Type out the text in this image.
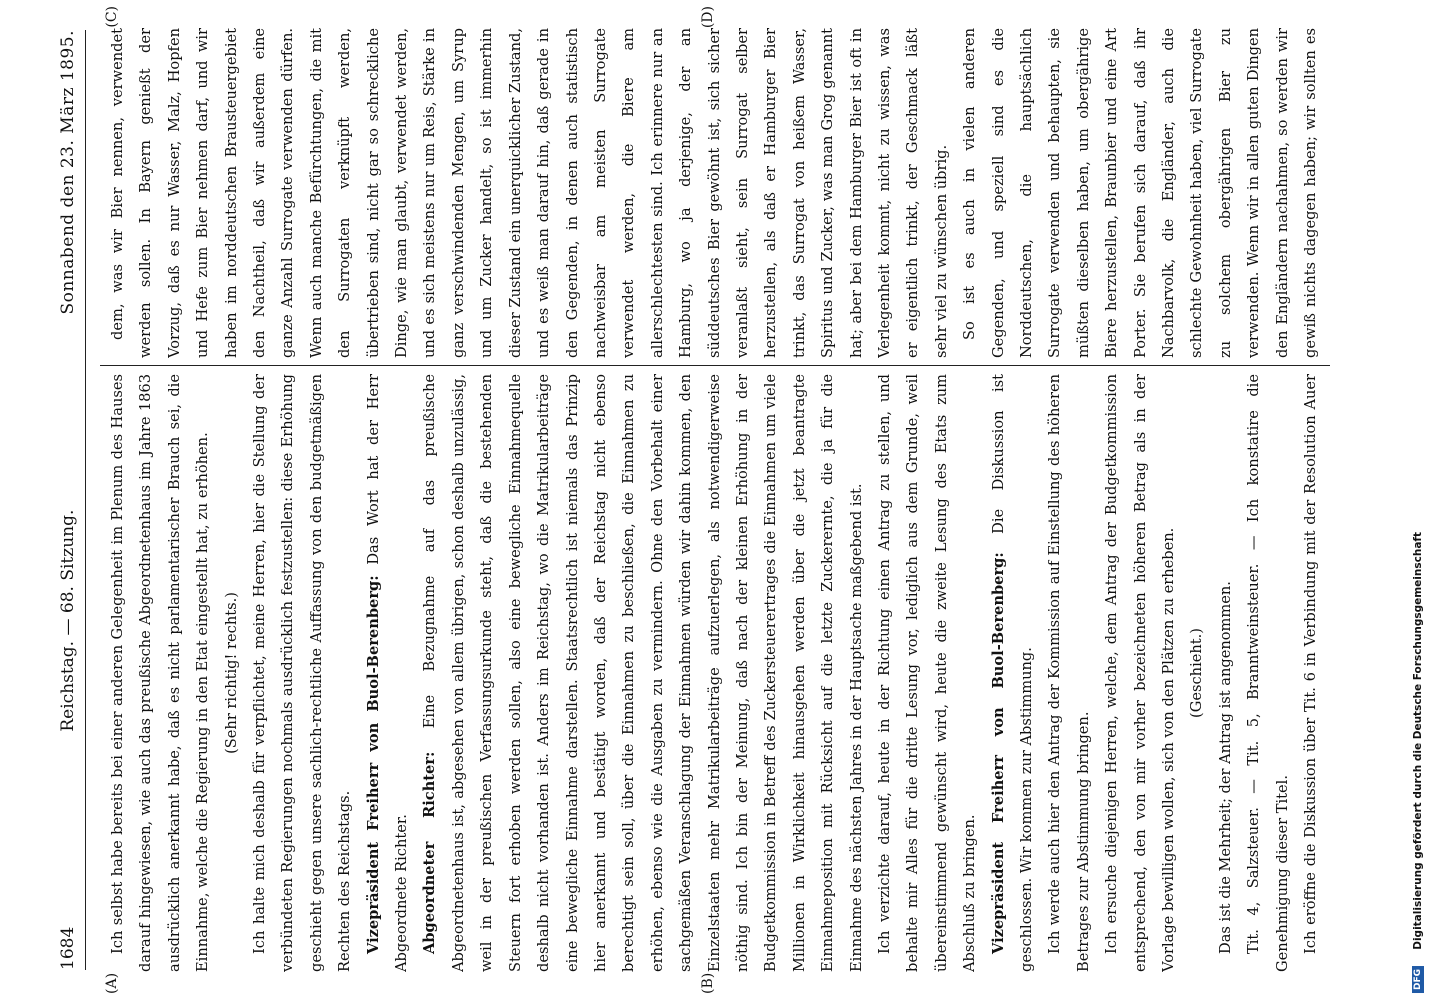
1684
Reichstag. — 68. Sitzung.
Sonnabend den 23. März 1895.
(A)	(B)
(C)	(D)

Ich selbst habe bereits bei einer anderen Gelegenheit im Plenum des Hauses darauf hingewiesen, wie auch das preußische Abgeordnetenhaus im Jahre 1863 ausdrücklich anerkannt habe, daß es nicht parlamentarischer Brauch sei, die Einnahme, welche die Regierung in den Etat eingestellt hat, zu erhöhen. (Sehr richtig! rechts.) Ich halte mich deshalb für verpflichtet, meine Herren, hier die Stellung der verbündeten Regierungen nochmals ausdrücklich festzustellen: diese Erhöhung geschieht gegen unsere sachlich-rechtliche Auffassung von den budgetmäßigen Rechten des Reichstags. Vizepräsident Freiherr von Buol-Berenberg: Das Wort hat der Herr Abgeordnete Richter. Abgeordneter Richter: Eine Bezugnahme auf das preußische Abgeordnetenhaus ist, abgesehen von allem übrigen, schon deshalb unzulässig, weil in der preußischen Verfassungsurkunde steht, daß die bestehenden Steuern fort erhoben werden sollen, also eine bewegliche Einnahmequelle deshalb nicht vorhanden ist. Anders im Reichstag, wo die Matrikularbeiträge eine bewegliche Einnahme darstellen. Staatsrechtlich ist niemals das Prinzip hier anerkannt und bestätigt worden, daß der Reichstag nicht ebenso berechtigt sein soll, über die Einnahmen zu beschließen, die Einnahmen zu erhöhen, ebenso wie die Ausgaben zu vermindern. Ohne den Vorbehalt einer sachgemäßen Veranschlagung der Einnahmen würden wir dahin kommen, den Einzelstaaten mehr Matrikularbeiträge aufzuerlegen, als notwendigerweise nöthig sind. Ich bin der Meinung, daß nach der kleinen Erhöhung in der Budgetkommission in Betreff des Zuckersteuerertrages die Einnahmen um viele Millionen in Wirklichkeit hinausgehen werden über die jetzt beantragte Einnahmeposition mit Rücksicht auf die letzte Zuckerernte, die ja für die Einnahme des nächsten Jahres in der Hauptsache maßgebend ist. Ich verzichte darauf, heute in der Richtung einen Antrag zu stellen, und behalte mir Alles für die dritte Lesung vor, lediglich aus dem Grunde, weil übereinstimmend gewünscht wird, heute die zweite Lesung des Etats zum Abschluß zu bringen. Vizepräsident Freiherr von Buol-Berenberg: Die Diskussion ist geschlossen. Wir kommen zur Abstimmung. Ich werde auch hier den Antrag der Kommission auf Einstellung des höheren Betrages zur Abstimmung bringen. Ich ersuche diejenigen Herren, welche, dem Antrag der Budgetkommission entsprechend, den von mir vorher bezeichneten höheren Betrag als in der Vorlage bewilligen wollen, sich von den Plätzen zu erheben. (Geschieht.) Das ist die Mehrheit; der Antrag ist angenommen. Tit. 4, Salzsteuer. — Tit. 5, Branntweinsteuer. — Ich konstatire die Genehmigung dieser Titel. Ich eröffne die Diskussion über Tit. 6 in Verbindung mit der Resolution Auer

dem, was wir Bier nennen, verwendet werden sollen. In Bayern genießt der Vorzug, daß es nur Wasser, Malz, Hopfen und Hefe zum Bier nehmen darf, und wir haben im norddeutschen Brausteuergebiet den Nachtheil, daß wir außerdem eine ganze Anzahl Surrogate verwenden dürfen. Wenn auch manche Befürchtungen, die mit den Surrogaten verknüpft werden, übertrieben sind, nicht gar so schreckliche Dinge, wie man glaubt, verwendet werden, und es sich meistens nur um Reis, Stärke in ganz verschwindenden Mengen, um Syrup und um Zucker handelt, so ist immerhin dieser Zustand ein unerquicklicher Zustand, und es weiß man darauf hin, daß gerade in den Gegenden, in denen auch statistisch nachweisbar am meisten Surrogate verwendet werden, die Biere am allerschlechtesten sind. Ich erinnere nur an Hamburg, wo ja derjenige, der an süddeutsches Bier gewöhnt ist, sich sicher veranlaßt sieht, sein Surrogat selber herzustellen, als daß er Hamburger Bier trinkt, das Surrogat von heißem Wasser, Spiritus und Zucker, was man Grog genannt hat; aber bei dem Hamburger Bier ist oft in Verlegenheit kommt, nicht zu wissen, was er eigentlich trinkt, der Geschmack läßt sehr viel zu wünschen übrig. So ist es auch in vielen anderen Gegenden, und speziell sind es die Norddeutschen, die hauptsächlich Surrogate verwenden und behaupten, sie müßten dieselben haben, um obergährige Biere herzustellen, Braunbier und eine Art Porter. Sie berufen sich darauf, daß ihr Nachbarvolk, die Engländer, auch die schlechte Gewohnheit haben, viel Surrogate zu solchem obergährigen Bier zu verwenden. Wenn wir in allen guten Dingen den Engländern nachahmen, so werden wir gewiß nichts dagegen haben; wir sollten es

Digitalisierung gefördert durch die Deutsche Forschungsgemeinschaft
DFG
